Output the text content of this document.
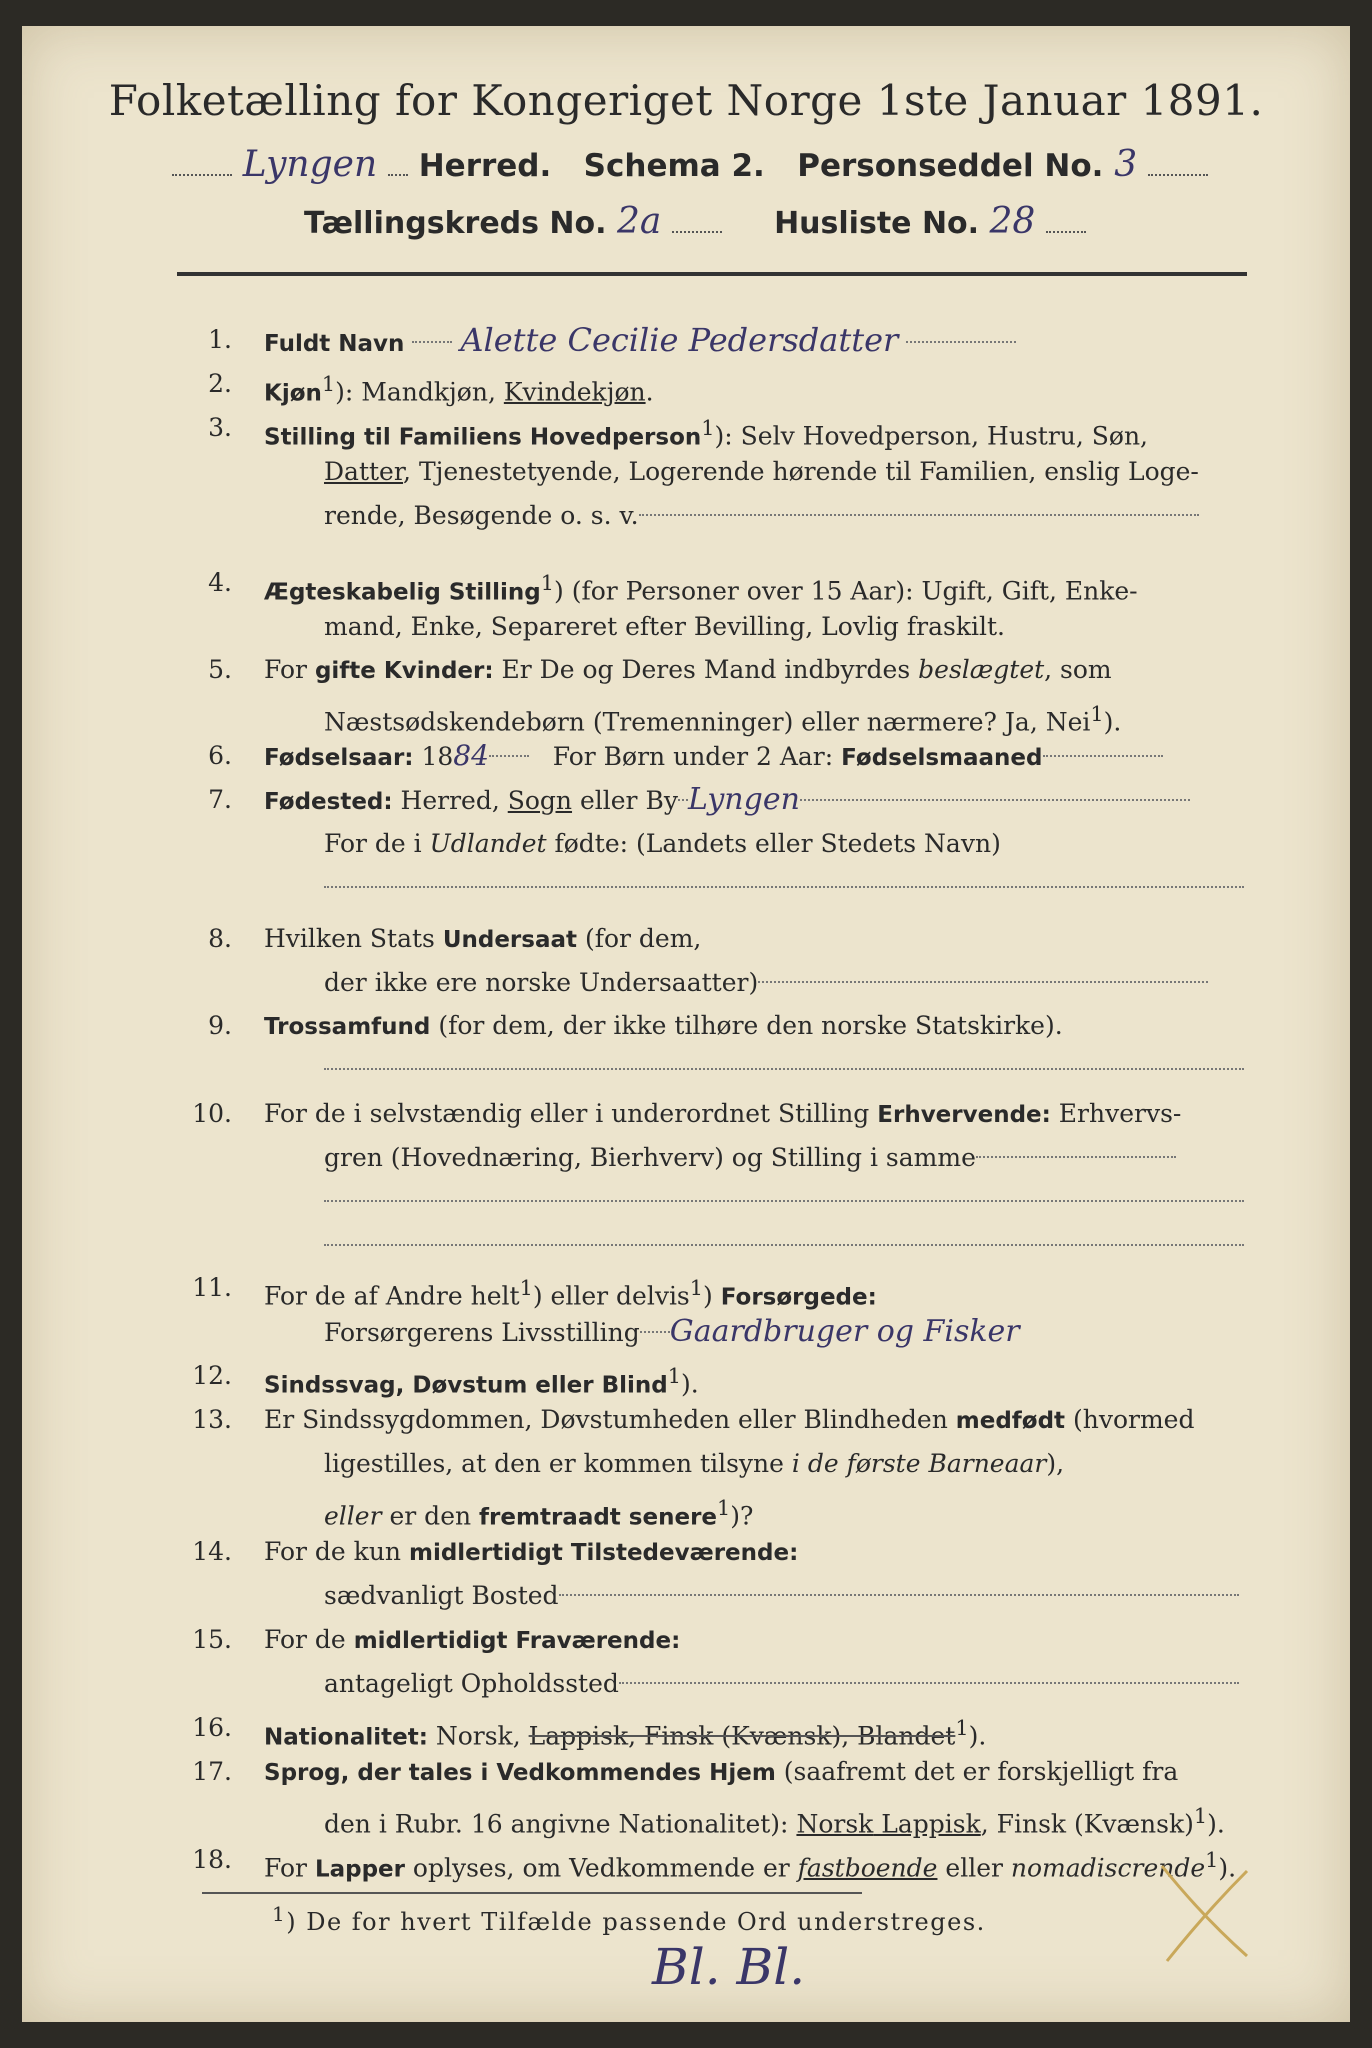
Folketælling for Kongeriget Norge 1ste Januar 1891.
Lyngen Herred. Schema 2. Personseddel No. 3
Tællingskreds No. 2a	Husliste No. 28
1. Fuldt Navn Alette Cecilie Pedersdatter
2. Kjøn$^1$): Mandkjøn, Kvindekjøn.
3. Stilling til Familiens Hovedperson$^1$): Selv Hovedperson, Hustru, Søn,
Datter, Tjenestetyende, Logerende hørende til Familien, enslig Loge-
rende, Besøgende o. s. v.
4. Ægteskabelig Stilling$^1$) (for Personer over 15 Aar): Ugift, Gift, Enke-
mand, Enke, Separeret efter Bevilling, Lovlig fraskilt.
5. For gifte Kvinder: Er De og Deres Mand indbyrdes beslægtet, som
Næstsødskendebørn (Tremenninger) eller nærmere? Ja, Nei$^1$).
6. Fødselsaar: 1884	For Børn under 2 Aar: Fødselsmaaned
7. Fødested: Herred, Sogn eller By Lyngen
For de i Udlandet fødte: (Landets eller Stedets Navn)
8. Hvilken Stats Undersaat (for dem,
der ikke ere norske Undersaatter)
9. Trossamfund (for dem, der ikke tilhøre den norske Statskirke).
10. For de i selvstændig eller i underordnet Stilling Erhvervende: Erhvervs-
gren (Hovednæring, Bierhverv) og Stilling i samme
11. For de af Andre helt$^1$) eller delvis$^1$) Forsørgede:
Forsørgerens Livsstilling Gaardbruger og Fisker
12. Sindssvag, Døvstum eller Blind$^1$).
13. Er Sindssygdommen, Døvstumheden eller Blindheden medfødt (hvormed
ligestilles, at den er kommen tilsyne i de første Barneaar),
eller er den fremtraadt senere$^1$)?
14. For de kun midlertidigt Tilstedeværende:
sædvanligt Bosted
15. For de midlertidigt Fraværende:
antageligt Opholdssted
16. Nationalitet: Norsk, Lappisk, Finsk (Kvænsk), Blandet$^1$).
17. Sprog, der tales i Vedkommendes Hjem (saafremt det er forskjelligt fra
den i Rubr. 16 angivne Nationalitet): Norsk Lappisk, Finsk (Kvænsk)$^1$).
18. For Lapper oplyses, om Vedkommende er fastboende eller nomadiscrende$^1$).
$^1$) De for hvert Tilfælde passende Ord understreges.
Bl. Bl.
